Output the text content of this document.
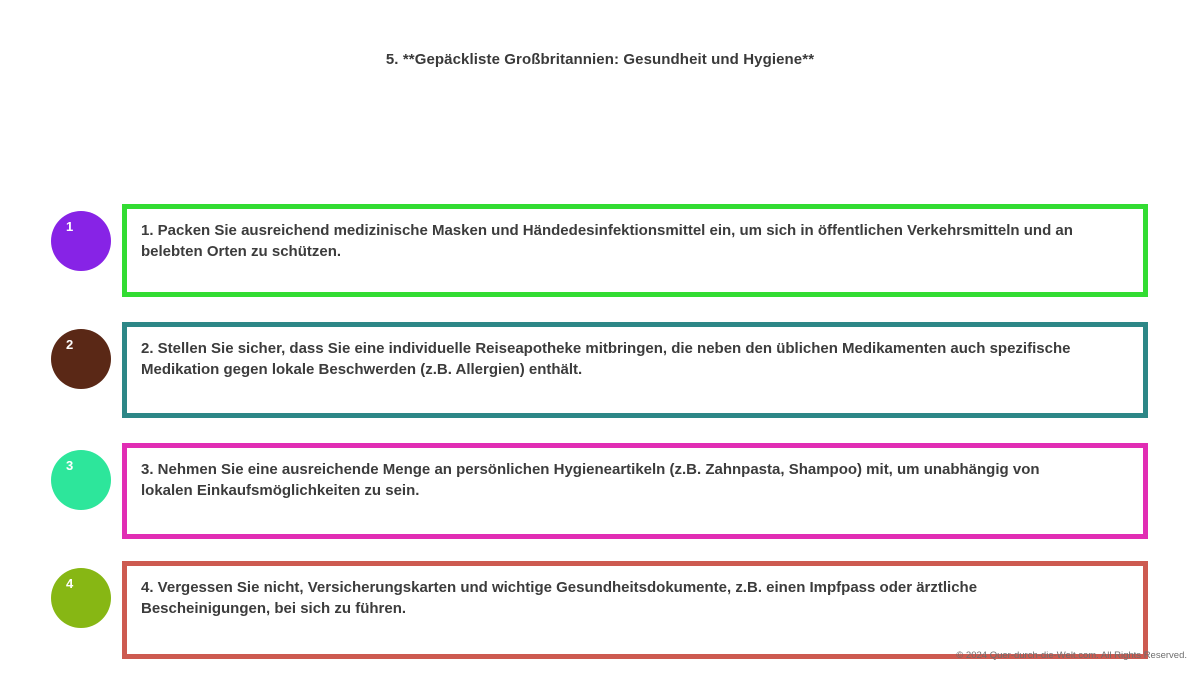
5. **Gepäckliste Großbritannien: Gesundheit und Hygiene**
1	1. Packen Sie ausreichend medizinische Masken und Händedesinfektionsmittel ein, um sich in öffentlichen Verkehrsmitteln und an belebten Orten zu schützen.
2	2. Stellen Sie sicher, dass Sie eine individuelle Reiseapotheke mitbringen, die neben den üblichen Medikamenten auch spezifische Medikation gegen lokale Beschwerden (z.B. Allergien) enthält.
3	3. Nehmen Sie eine ausreichende Menge an persönlichen Hygieneartikeln (z.B. Zahnpasta, Shampoo) mit, um unabhängig von lokalen Einkaufsmöglichkeiten zu sein.
4	4. Vergessen Sie nicht, Versicherungskarten und wichtige Gesundheitsdokumente, z.B. einen Impfpass oder ärztliche Bescheinigungen, bei sich zu führen.
© 2024 Quer-durch-die-Welt.com. All Rights Reserved.
